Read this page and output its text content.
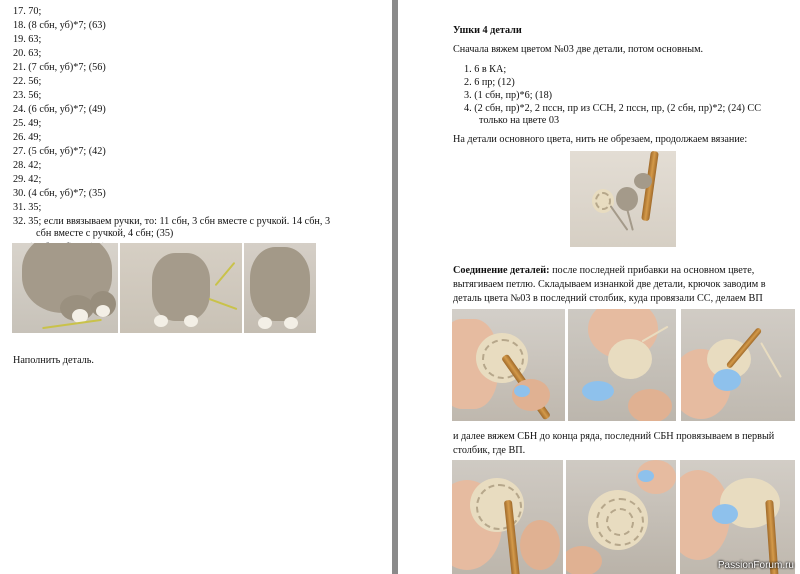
17. 70;
18. (8 сбн, уб)*7; (63)
19. 63;
20. 63;
21. (7 сбн, уб)*7; (56)
22. 56;
23. 56;
24. (6 сбн, уб)*7; (49)
25. 49;
26. 49;
27. (5 сбн, уб)*7; (42)
28. 42;
29. 42;
30. (4 сбн, уб)*7; (35)
31. 35;
32. 35; если ввязываем ручки, то: 11 сбн, 3 сбн вместе с ручкой. 14 сбн, 3
сбн вместе с ручкой, 4 сбн; (35)
Наполнить деталь.
Ушки 4 детали
Сначала вяжем цветом №03 две детали, потом основным.
1. 6 в КА;
2. 6 пр; (12)
3. (1 сбн, пр)*6; (18)
4. (2 сбн, пр)*2, 2 псcн, пр из ССН, 2 псcн, пр, (2 сбн, пр)*2; (24) СС
только на цвете 03
На детали основного цвета, нить не обрезаем, продолжаем вязание:
Соединение деталей: после последней прибавки на основном цвете,
вытягиваем петлю. Складываем изнанкой две детали, крючок заводим в
деталь цвета №03 в последний столбик, куда провязали СС, делаем ВП
и далее вяжем СБН до конца ряда, последний СБН провязываем в первый
столбик, где ВП.
PassionForum.ru
